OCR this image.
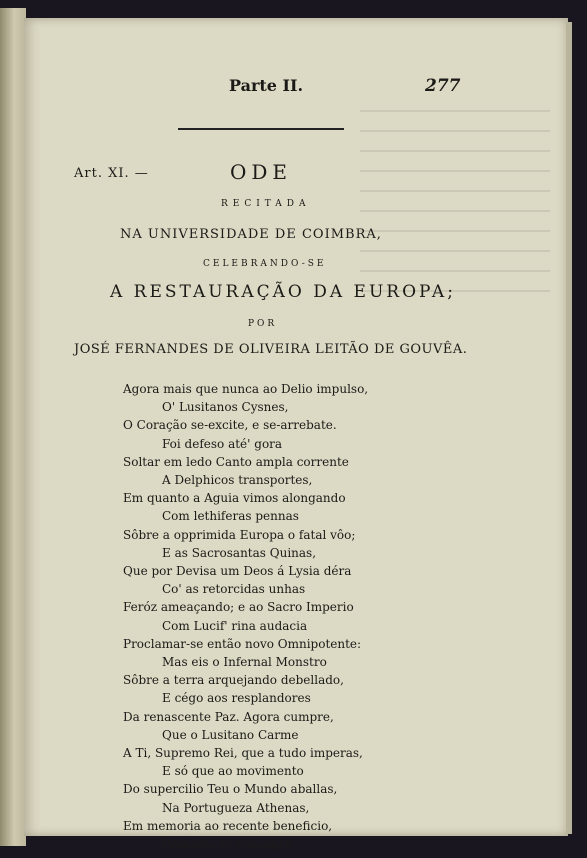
Parte II.	277
Art. XI. —	ODE
RECITADA
NA UNIVERSIDADE DE COIMBRA,
CELEBRANDO-SE
A RESTAURAÇÃO DA EUROPA;
POR
JOSÉ FERNANDES DE OLIVEIRA LEITÃO DE GOUVÊA.
Agora mais que nunca ao Delio impulso,
O' Lusitanos Cysnes,
O Coração se-excite, e se-arrebate.
Foi defeso até' gora
Soltar em ledo Canto ampla corrente
A Delphicos transportes,
Em quanto a Aguia vimos alongando
Com lethiferas pennas
Sôbre a opprimida Europa o fatal vôo;
E as Sacrosantas Quinas,
Que por Devisa um Deos á Lysia déra
Co' as retorcidas unhas
Feróz ameaçando; e ao Sacro Imperio
Com Lucif' rina audacia
Proclamar-se então novo Omnipotente:
Mas eis o Infernal Monstro
Sôbre a terra arquejando debellado,
E cégo aos resplandores
Da renascente Paz. Agora cumpre,
Que o Lusitano Carme
A Ti, Supremo Rei, que a tudo imperas,
E só que ao movimento
Do supercilio Teu o Mundo aballas,
Na Portugueza Athenas,
Em memoria ao recente beneficio,
Primeiro se-consagre.
